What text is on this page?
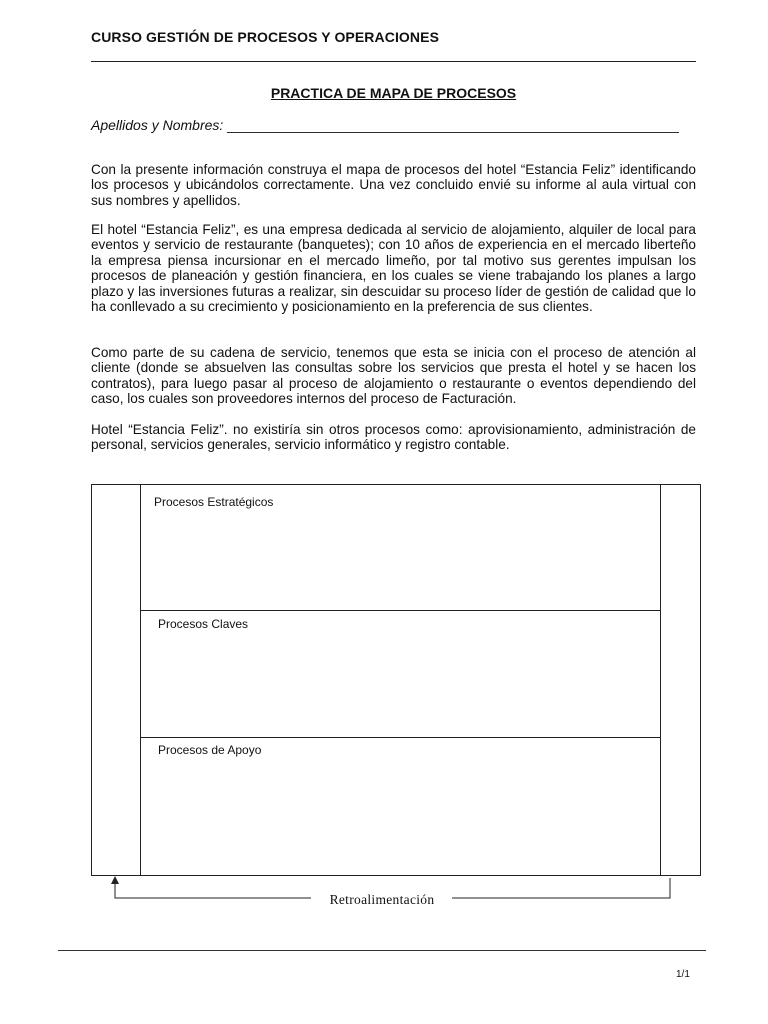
CURSO GESTIÓN DE PROCESOS Y OPERACIONES
PRACTICA DE MAPA DE PROCESOS
Apellidos y Nombres: __________________________________________________________

Con la presente información construya el mapa de procesos del hotel “Estancia Feliz” identificando los procesos y ubicándolos correctamente. Una vez concluido envié su informe al aula virtual con sus nombres y apellidos.

El hotel “Estancia Feliz”, es una empresa dedicada al servicio de alojamiento, alquiler de local para eventos y servicio de restaurante (banquetes); con 10 años de experiencia en el mercado liberteño la empresa piensa incursionar en el mercado limeño, por tal motivo sus gerentes impulsan los procesos de planeación y gestión financiera, en los cuales se viene trabajando los planes a largo plazo y las inversiones futuras a realizar, sin descuidar su proceso líder de gestión de calidad que lo ha conllevado a su crecimiento y posicionamiento en la preferencia de sus clientes.

Como parte de su cadena de servicio, tenemos que esta se inicia con el proceso de atención al cliente (donde se absuelven las consultas sobre los servicios que presta el hotel y se hacen los contratos), para luego pasar al proceso de alojamiento o restaurante o eventos dependiendo del caso, los cuales son proveedores internos del proceso de Facturación.

Hotel “Estancia Feliz”. no existiría sin otros procesos como: aprovisionamiento, administración de personal, servicios generales, servicio informático y registro contable.

Procesos Estratégicos
Procesos Claves
Procesos de Apoyo
Retroalimentación
1/1
